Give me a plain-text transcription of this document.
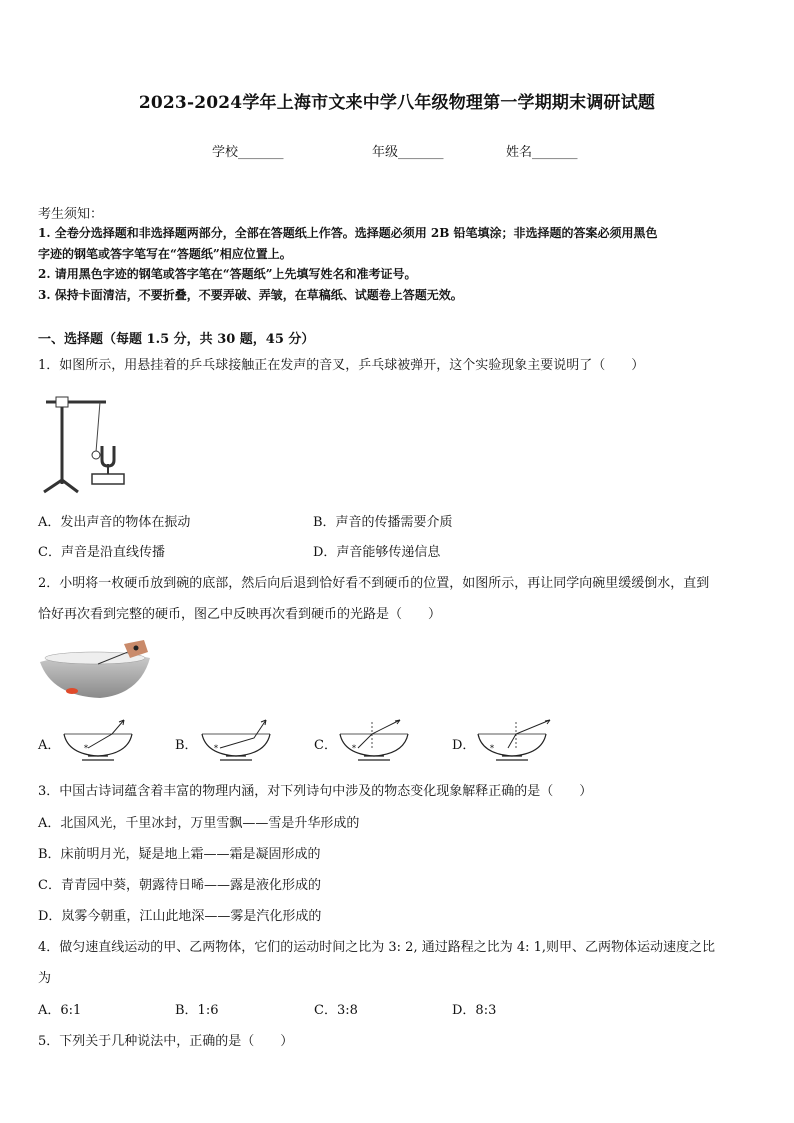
2023-2024学年上海市文来中学八年级物理第一学期期末调研试题
学校_______	年级_______	姓名_______
考生须知：
1. 全卷分选择题和非选择题两部分，全部在答题纸上作答。选择题必须用 2B 铅笔填涂；非选择题的答案必须用黑色
字迹的钢笔或答字笔写在“答题纸”相应位置上。
2. 请用黑色字迹的钢笔或答字笔在“答题纸”上先填写姓名和准考证号。
3. 保持卡面清洁，不要折叠，不要弄破、弄皱，在草稿纸、试题卷上答题无效。
一、选择题（每题 1.5 分，共 30 题，45 分）
1．如图所示，用悬挂着的乒乓球接触正在发声的音叉，乒乓球被弹开，这个实验现象主要说明了（　　）
A．发出声音的物体在振动	B．声音的传播需要介质
C．声音是沿直线传播	D．声音能够传递信息
2．小明将一枚硬币放到碗的底部，然后向后退到恰好看不到硬币的位置，如图所示，再让同学向碗里缓缓倒水，直到
恰好再次看到完整的硬币，图乙中反映再次看到硬币的光路是（　　）
A．	*	B． *	C． *	D． *
3．中国古诗词蕴含着丰富的物理内涵，对下列诗句中涉及的物态变化现象解释正确的是（　　）
A．北国风光，千里冰封，万里雪飘——雪是升华形成的
B．床前明月光，疑是地上霜——霜是凝固形成的
C．青青园中葵，朝露待日晞——露是液化形成的
D．岚雾今朝重，江山此地深——雾是汽化形成的
4．做匀速直线运动的甲、乙两物体，它们的运动时间之比为 3: 2, 通过路程之比为 4: 1,则甲、乙两物体运动速度之比
为
A．6:1	B．1:6	C．3:8	D．8:3
5．下列关于几种说法中，正确的是（　　）
